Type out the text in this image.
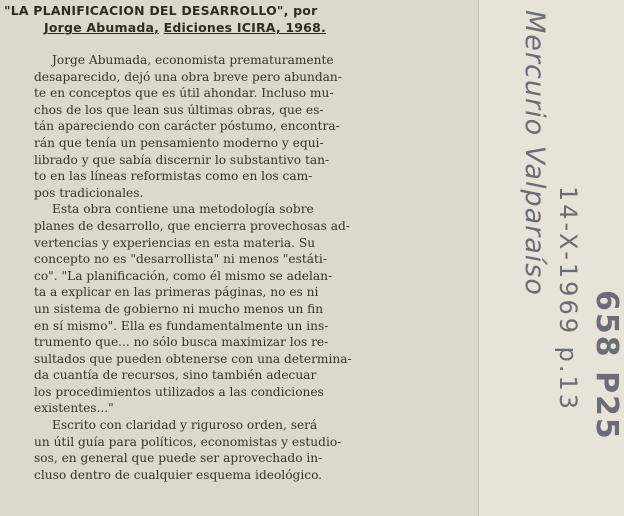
"LA PLANIFICACION DEL DESARROLLO", por
Jorge Abumada, Ediciones ICIRA, 1968.
Jorge Abumada, economista prematuramente
desaparecido, dejó una obra breve pero abundan-
te en conceptos que es útil ahondar. Incluso mu-
chos de los que lean sus últimas obras, que es-
tán apareciendo con carácter póstumo, encontra-
rán que tenía un pensamiento moderno y equi-
librado y que sabía discernir lo substantivo tan-
to en las líneas reformistas como en los cam-
pos tradicionales.
Esta obra contiene una metodología sobre
planes de desarrollo, que encierra provechosas ad-
vertencias y experiencias en esta materia. Su
concepto no es "desarrollista" ni menos "estáti-
co". "La planificación, como él mismo se adelan-
ta a explicar en las primeras páginas, no es ni
un sistema de gobierno ni mucho menos un fin
en sí mismo". Ella es fundamentalmente un ins-
trumento que... no sólo busca maximizar los re-
sultados que pueden obtenerse con una determina-
da cuantía de recursos, sino también adecuar
los procedimientos utilizados a las condiciones
existentes..."
Escrito con claridad y riguroso orden, será
un útil guía para políticos, economistas y estudio-
sos, en general que puede ser aprovechado in-
cluso dentro de cualquier esquema ideológico.
Mercurio Valparaíso
14-X-1969 p.13 658 P25
